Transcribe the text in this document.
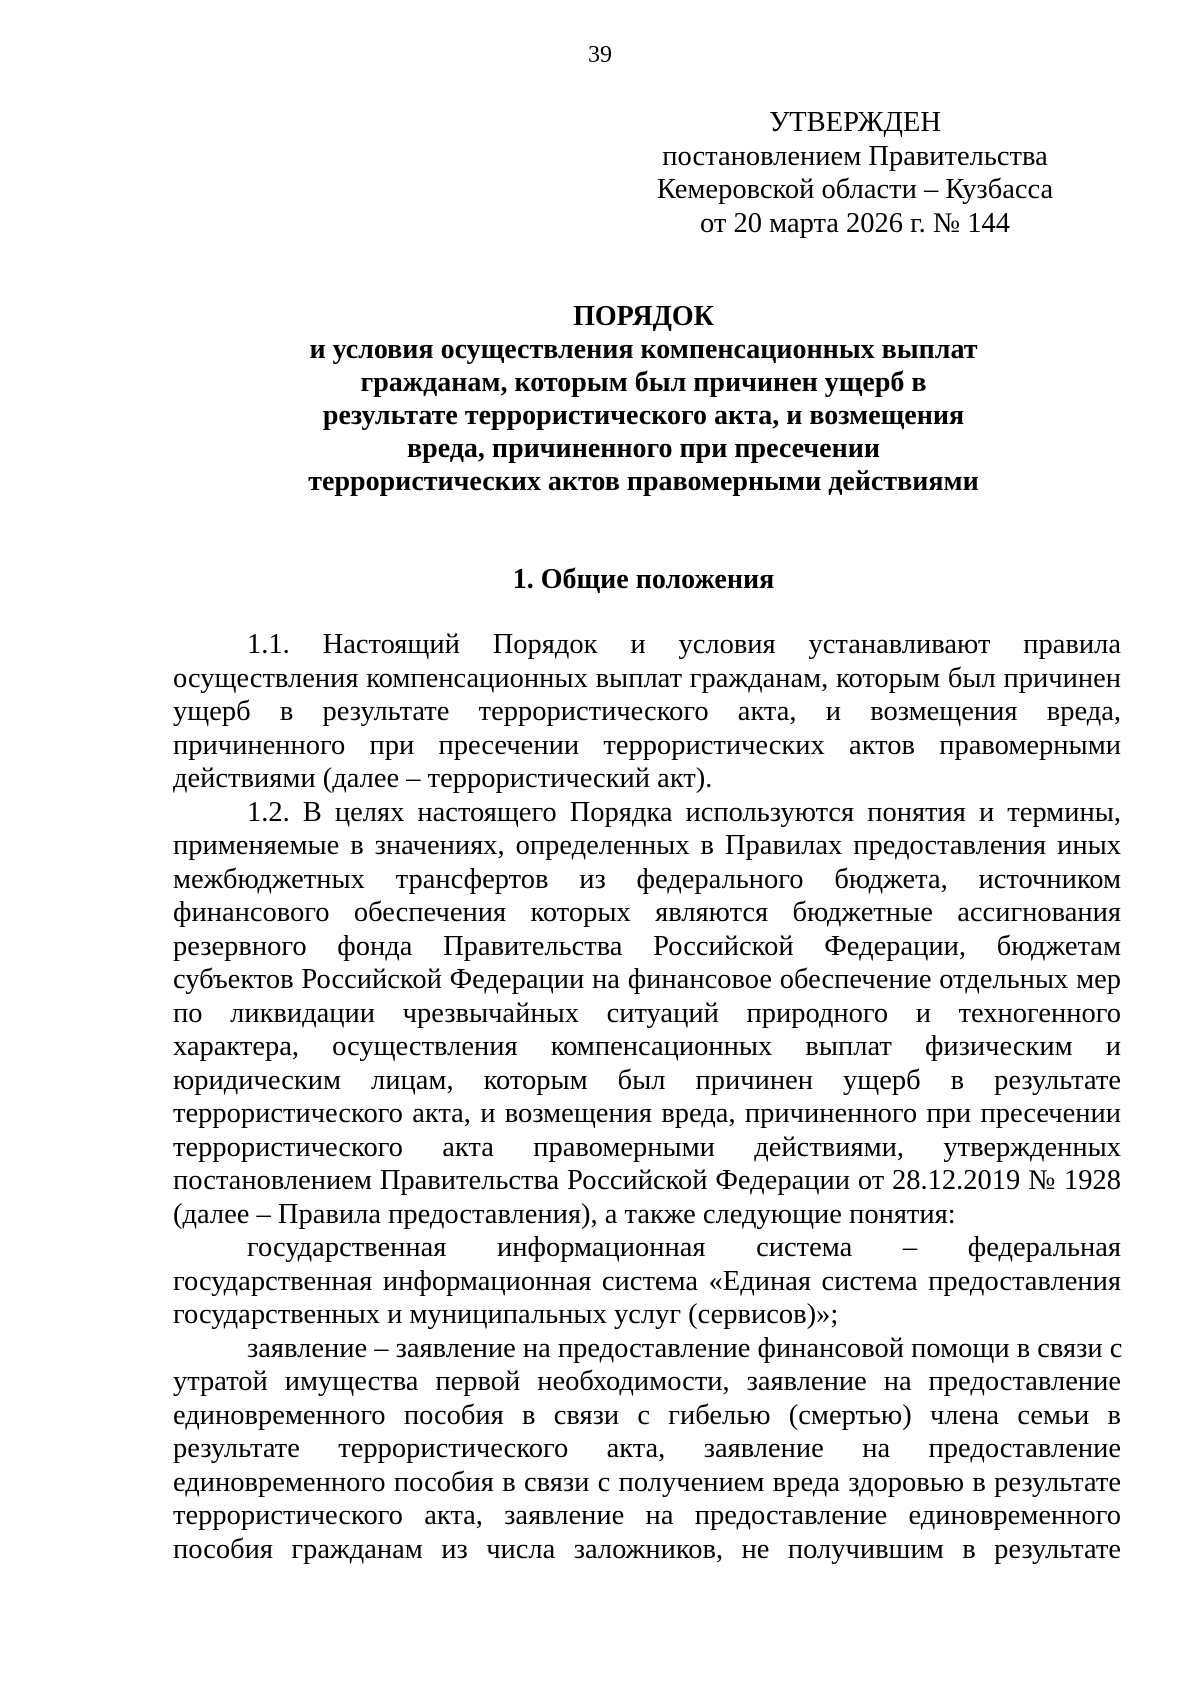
39
УТВЕРЖДЕН
постановлением Правительства
Кемеровской области – Кузбасса
от 20 марта 2026 г. № 144
ПОРЯДОК
и условия осуществления компенсационных выплат
гражданам, которым был причинен ущерб в
результате террористического акта, и возмещения
вреда, причиненного при пресечении
террористических актов правомерными действиями
1. Общие положения
1.1. Настоящий Порядок и условия устанавливают правила
осуществления компенсационных выплат гражданам, которым был причинен
ущерб в результате террористического акта, и возмещения вреда,
причиненного при пресечении террористических актов правомерными
действиями (далее – террористический акт).
1.2. В целях настоящего Порядка используются понятия и термины,
применяемые в значениях, определенных в Правилах предоставления иных
межбюджетных трансфертов из федерального бюджета, источником
финансового обеспечения которых являются бюджетные ассигнования
резервного фонда Правительства Российской Федерации, бюджетам
субъектов Российской Федерации на финансовое обеспечение отдельных мер
по ликвидации чрезвычайных ситуаций природного и техногенного
характера, осуществления компенсационных выплат физическим и
юридическим лицам, которым был причинен ущерб в результате
террористического акта, и возмещения вреда, причиненного при пресечении
террористического акта правомерными действиями, утвержденных
постановлением Правительства Российской Федерации от 28.12.2019 № 1928
(далее – Правила предоставления), а также следующие понятия:
государственная информационная система – федеральная
государственная информационная система «Единая система предоставления
государственных и муниципальных услуг (сервисов)»;
заявление – заявление на предоставление финансовой помощи в связи с
утратой имущества первой необходимости, заявление на предоставление
единовременного пособия в связи с гибелью (смертью) члена семьи в
результате террористического акта, заявление на предоставление
единовременного пособия в связи с получением вреда здоровью в результате
террористического акта, заявление на предоставление единовременного
пособия гражданам из числа заложников, не получившим в результате
